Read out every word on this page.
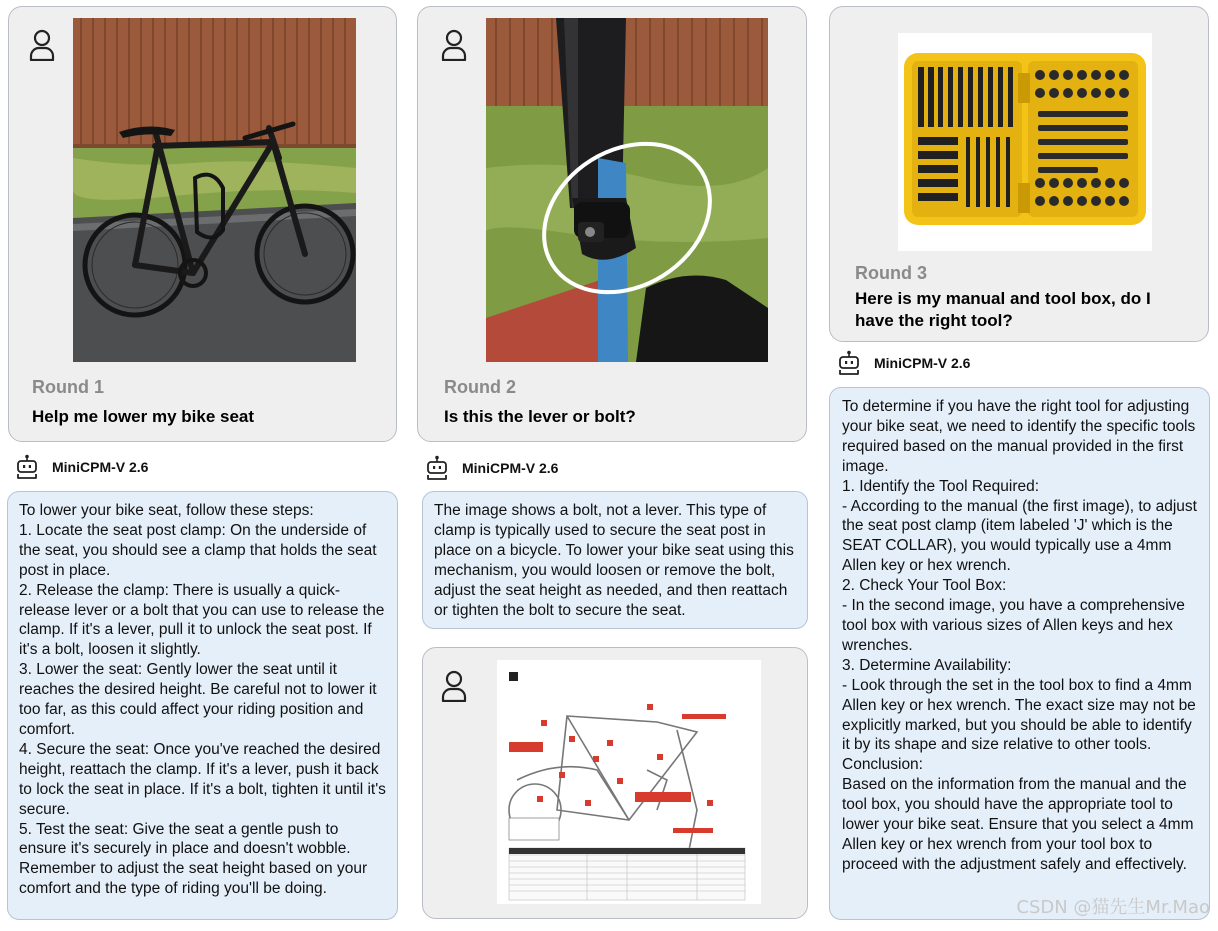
Round 1
Help me lower my bike seat
MiniCPM-V 2.6
To lower your bike seat, follow these steps:
1. Locate the seat post clamp: On the underside of the seat, you should see a clamp that holds the seat post in place.
2. Release the clamp: There is usually a quick-release lever or a bolt that you can use to release the clamp. If it's a lever, pull it to unlock the seat post. If it's a bolt, loosen it slightly.
3. Lower the seat: Gently lower the seat until it reaches the desired height. Be careful not to lower it too far, as this could affect your riding position and comfort.
4. Secure the seat: Once you've reached the desired height, reattach the clamp. If it's a lever, push it back to lock the seat in place. If it's a bolt, tighten it until it's secure.
5. Test the seat: Give the seat a gentle push to ensure it's securely in place and doesn't wobble. Remember to adjust the seat height based on your comfort and the type of riding you'll be doing.
Round 2
Is this the lever or bolt?
MiniCPM-V 2.6
The image shows a bolt, not a lever. This type of clamp is typically used to secure the seat post in place on a bicycle. To lower your bike seat using this mechanism, you would loosen or remove the bolt, adjust the seat height as needed, and then reattach or tighten the bolt to secure the seat.
Round 3
Here is my manual and tool box, do I have the right tool?
MiniCPM-V 2.6
To determine if you have the right tool for adjusting your bike seat, we need to identify the specific tools required based on the manual provided in the first image.
1. Identify the Tool Required:
- According to the manual (the first image), to adjust the seat post clamp (item labeled 'J' which is the SEAT COLLAR), you would typically use a 4mm Allen key or hex wrench.
2. Check Your Tool Box:
- In the second image, you have a comprehensive tool box with various sizes of Allen keys and hex wrenches.
3. Determine Availability:
- Look through the set in the tool box to find a 4mm Allen key or hex wrench. The exact size may not be explicitly marked, but you should be able to identify it by its shape and size relative to other tools.
Conclusion:
Based on the information from the manual and the tool box, you should have the appropriate tool to lower your bike seat. Ensure that you select a 4mm Allen key or hex wrench from your tool box to proceed with the adjustment safely and effectively.
CSDN @猫先生Mr.Mao
